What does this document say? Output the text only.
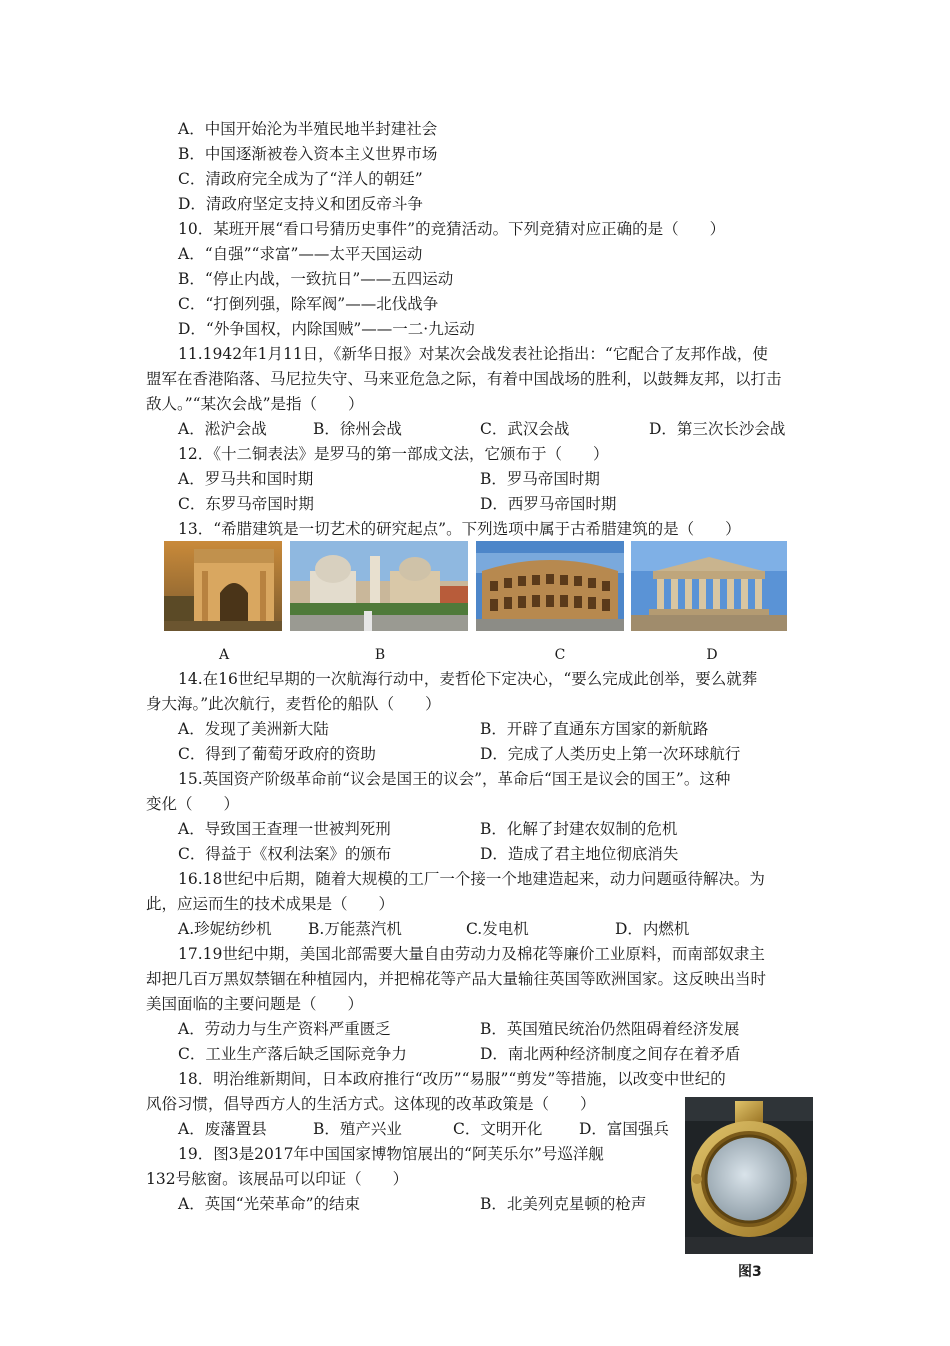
A．中国开始沦为半殖民地半封建社会
B．中国逐渐被卷入资本主义世界市场
C．清政府完全成为了“洋人的朝廷”
D．清政府坚定支持义和团反帝斗争
10．某班开展“看口号猜历史事件”的竞猜活动。下列竞猜对应正确的是（　　）
A．“自强”“求富”——太平天国运动
B．“停止内战，一致抗日”——五四运动
C．“打倒列强，除军阀”——北伐战争
D．“外争国权，内除国贼”——一二·九运动
11.1942年1月11日，《新华日报》对某次会战发表社论指出：“它配合了友邦作战，使
盟军在香港陷落、马尼拉失守、马来亚危急之际，有着中国战场的胜利，以鼓舞友邦，以打击
敌人。”“某次会战”是指（　　）
A．淞沪会战	B．徐州会战	C．武汉会战	D．第三次长沙会战
12．《十二铜表法》是罗马的第一部成文法，它颁布于（　　）
A．罗马共和国时期	B．罗马帝国时期
C．东罗马帝国时期	D．西罗马帝国时期
13．“希腊建筑是一切艺术的研究起点”。下列选项中属于古希腊建筑的是（　　）
A	B	C	D
14.在16世纪早期的一次航海行动中，麦哲伦下定决心，“要么完成此创举，要么就葬
身大海。”此次航行，麦哲伦的船队（　　）
A．发现了美洲新大陆	B．开辟了直通东方国家的新航路
C．得到了葡萄牙政府的资助	D．完成了人类历史上第一次环球航行
15.英国资产阶级革命前“议会是国王的议会”，革命后“国王是议会的国王”。这种
变化（　　）
A．导致国王查理一世被判死刑	B．化解了封建农奴制的危机
C．得益于《权利法案》的颁布	D．造成了君主地位彻底消失
16.18世纪中后期，随着大规模的工厂一个接一个地建造起来，动力问题亟待解决。为
此，应运而生的技术成果是（　　）
A.珍妮纺纱机 B.万能蒸汽机	C.发电机	D．内燃机
17.19世纪中期，美国北部需要大量自由劳动力及棉花等廉价工业原料，而南部奴隶主
却把几百万黑奴禁锢在种植园内，并把棉花等产品大量输往英国等欧洲国家。这反映出当时
美国面临的主要问题是（　　）
A．劳动力与生产资料严重匮乏	B．英国殖民统治仍然阻碍着经济发展
C．工业生产落后缺乏国际竞争力	D．南北两种经济制度之间存在着矛盾
18．明治维新期间，日本政府推行“改历”“易服”“剪发”等措施，以改变中世纪的
风俗习惯，倡导西方人的生活方式。这体现的改革政策是（　　）
A．废藩置县	B．殖产兴业	C．文明开化 D．富国强兵
19．图3是2017年中国国家博物馆展出的“阿芙乐尔”号巡洋舰
132号舷窗。该展品可以印证（　　）
A．英国“光荣革命”的结束	B．北美列克星顿的枪声
图3
